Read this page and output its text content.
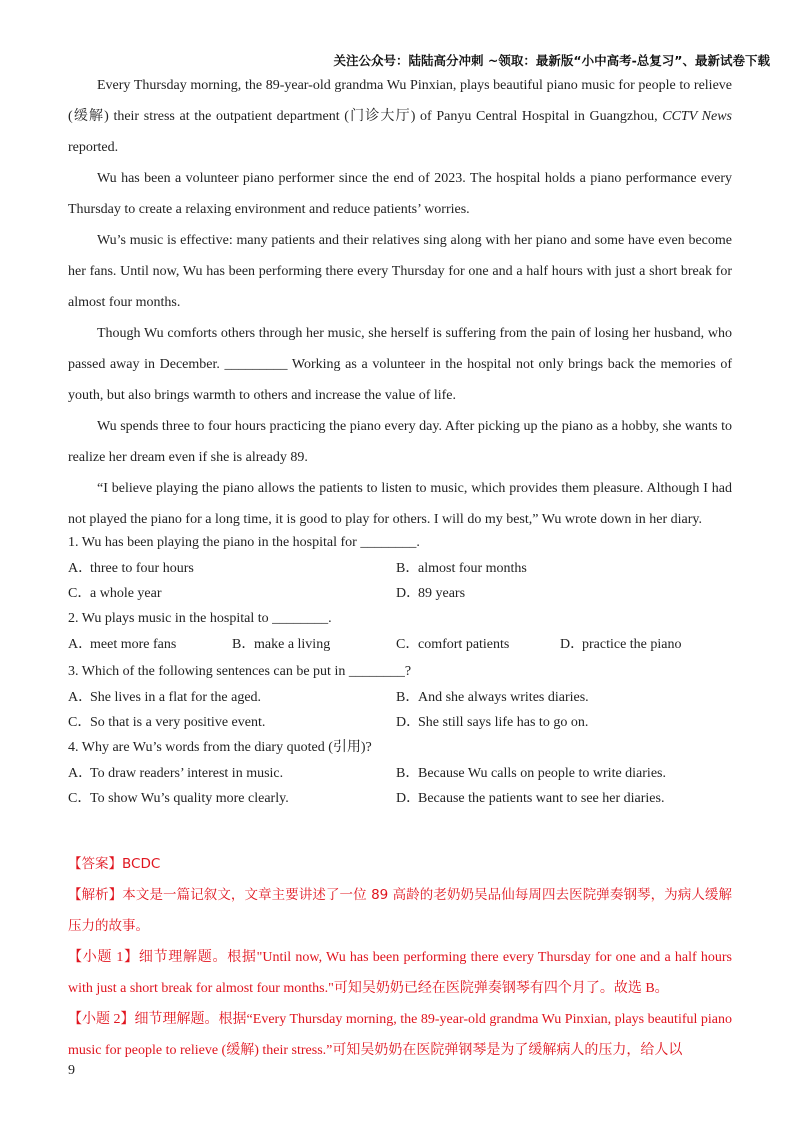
关注公众号：陆陆高分冲刺 ~领取：最新版“小中高考-总复习”、最新试卷下载

Every Thursday morning, the 89-year-old grandma Wu Pinxian, plays beautiful piano music for people to relieve (缓解) their stress at the outpatient department (门诊大厅) of Panyu Central Hospital in Guangzhou, CCTV News reported.

Wu has been a volunteer piano performer since the end of 2023. The hospital holds a piano performance every Thursday to create a relaxing environment and reduce patients’ worries.

Wu’s music is effective: many patients and their relatives sing along with her piano and some have even become her fans. Until now, Wu has been performing there every Thursday for one and a half hours with just a short break for almost four months.

Though Wu comforts others through her music, she herself is suffering from the pain of losing her husband, who passed away in December. _________ Working as a volunteer in the hospital not only brings back the memories of youth, but also brings warmth to others and increase the value of life.

Wu spends three to four hours practicing the piano every day. After picking up the piano as a hobby, she wants to realize her dream even if she is already 89.

“I believe playing the piano allows the patients to listen to music, which provides them pleasure. Although I had not played the piano for a long time, it is good to play for others. I will do my best,” Wu wrote down in her diary.

1. Wu has been playing the piano in the hospital for ________.

A．three to four hours	B．almost four months
C．a whole year	D．89 years

2. Wu plays music in the hospital to ________.

A．meet more fans	B．make a living	C．comfort patients	D．practice the piano

3. Which of the following sentences can be put in ________?

A．She lives in a flat for the aged.	B．And she always writes diaries.
C．So that is a very positive event.	D．She still says life has to go on.

4. Why are Wu’s words from the diary quoted (引用)?

A．To draw readers’ interest in music.	B．Because Wu calls on people to write diaries.
C．To show Wu’s quality more clearly.	D．Because the patients want to see her diaries.

【答案】BCDC

【解析】本文是一篇记叙文，文章主要讲述了一位 89 高龄的老奶奶吴品仙每周四去医院弹奏钢琴，为病人缓解压力的故事。

【小题 1】细节理解题。根据"Until now, Wu has been performing there every Thursday for one and a half hours with just a short break for almost four months."可知吴奶奶已经在医院弹奏钢琴有四个月了。故选 B。

【小题 2】细节理解题。根据“Every Thursday morning, the 89-year-old grandma Wu Pinxian, plays beautiful piano music for people to relieve (缓解) their stress.”可知吴奶奶在医院弹钢琴是为了缓解病人的压力，给人以

9
